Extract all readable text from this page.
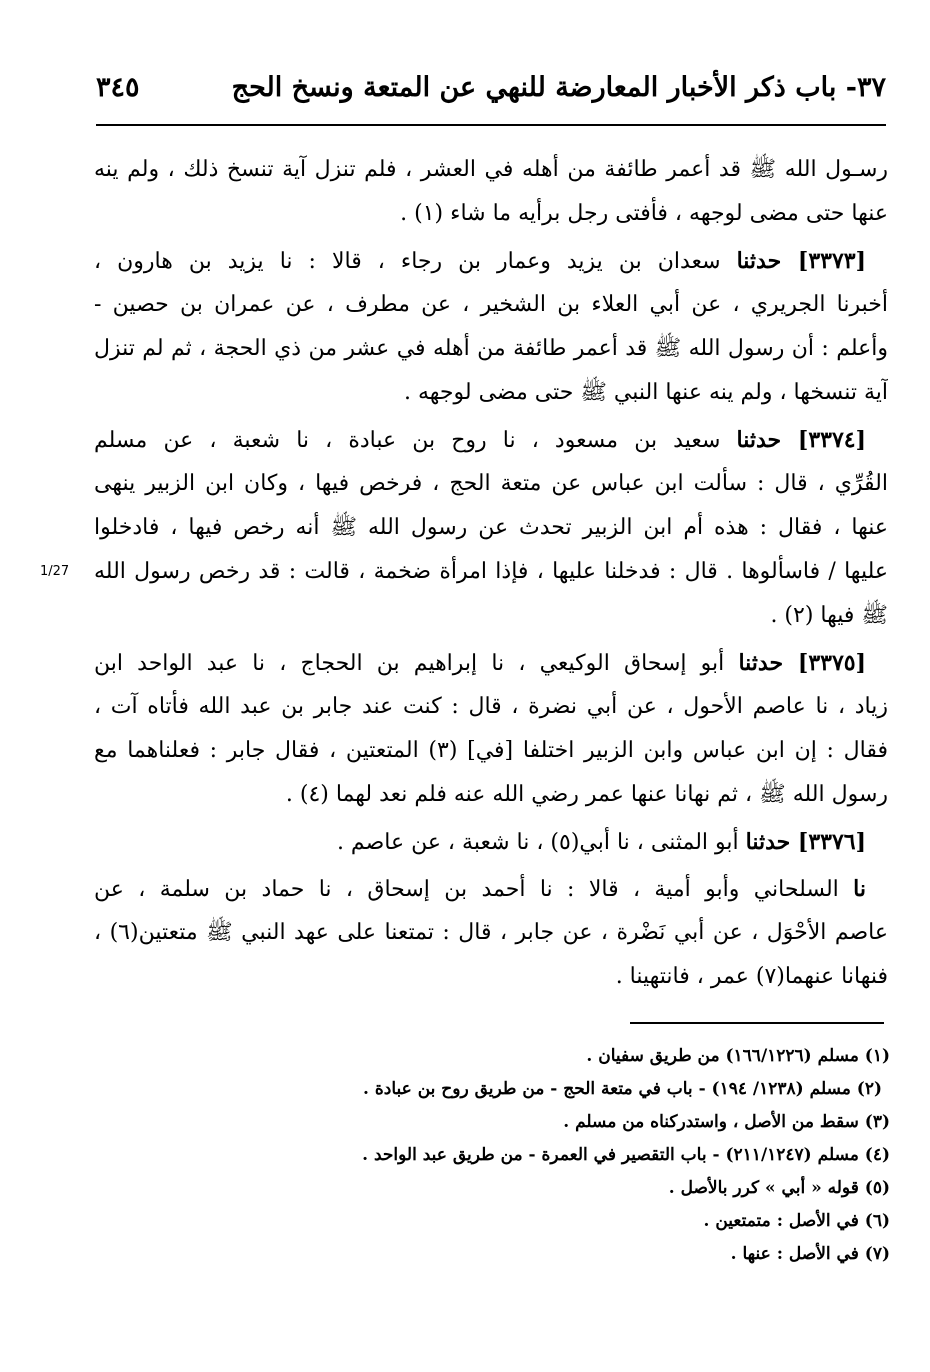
٣٧- باب ذكر الأخبار المعارضة للنهي عن المتعة ونسخ الحج
٣٤٥
1/27
رسـول الله ﷺ قد أعمر طائفة من أهله في العشر ، فلم تنزل آية تنسخ ذلك ، ولم ينه
عنها حتى مضى لوجهه ، فأفتى رجل برأيه ما شاء (١) .
[٣٣٧٣] حدثنا سعدان بن يزيد وعمار بن رجاء ، قالا : نا يزيد بن هارون ،
أخبرنا الجريري ، عن أبي العلاء بن الشخير ، عن مطرف ، عن عمران بن حصين -
وأعلم : أن رسول الله ﷺ قد أعمر طائفة من أهله في عشر من ذي الحجة ، ثم لم تنزل
آية تنسخها ، ولم ينه عنها النبي ﷺ حتى مضى لوجهه .
[٣٣٧٤] حدثنا سعيد بن مسعود ، نا روح بن عبادة ، نا شعبة ، عن مسلم
القُرِّي ، قال : سألت ابن عباس عن متعة الحج ، فرخص فيها ، وكان ابن الزبير ينهى
عنها ، فقال : هذه أم ابن الزبير تحدث عن رسول الله ﷺ أنه رخص فيها ، فادخلوا
عليها / فاسألوها . قال : فدخلنا عليها ، فإذا امرأة ضخمة ، قالت : قد رخص رسول الله
ﷺ فيها (٢) .
[٣٣٧٥] حدثنا أبو إسحاق الوكيعي ، نا إبراهيم بن الحجاج ، نا عبد الواحد ابن
زياد ، نا عاصم الأحول ، عن أبي نضرة ، قال : كنت عند جابر بن عبد الله فأتاه آت ،
فقال : إن ابن عباس وابن الزبير اختلفا [في] (٣) المتعتين ، فقال جابر : فعلناهما مع
رسول الله ﷺ ، ثم نهانا عنها عمر رضي الله عنه فلم نعد لهما (٤) .
[٣٣٧٦] حدثنا أبو المثنى ، نا أبي(٥) ، نا شعبة ، عن عاصم .
نا السلحاني وأبو أمية ، قالا : نا أحمد بن إسحاق ، نا حماد بن سلمة ، عن
عاصم الأحْوَل ، عن أبي نَضْرة ، عن جابر ، قال : تمتعنا على عهد النبي ﷺ متعتين(٦) ،
فنهانا عنهما(٧) عمر ، فانتهينا .
(١) مسلم (١٦٦/١٢٢٦) من طريق سفيان .
(٢) مسلم (١٢٣٨/ ١٩٤) - باب في متعة الحج - من طريق روح بن عبادة .
(٣) سقط من الأصل ، واستدركناه من مسلم .
(٤) مسلم (٢١١/١٢٤٧) - باب التقصير في العمرة - من طريق عبد الواحد .
(٥) قوله « أبي » كرر بالأصل .
(٦) في الأصل : متمتعين .
(٧) في الأصل : عنها .
